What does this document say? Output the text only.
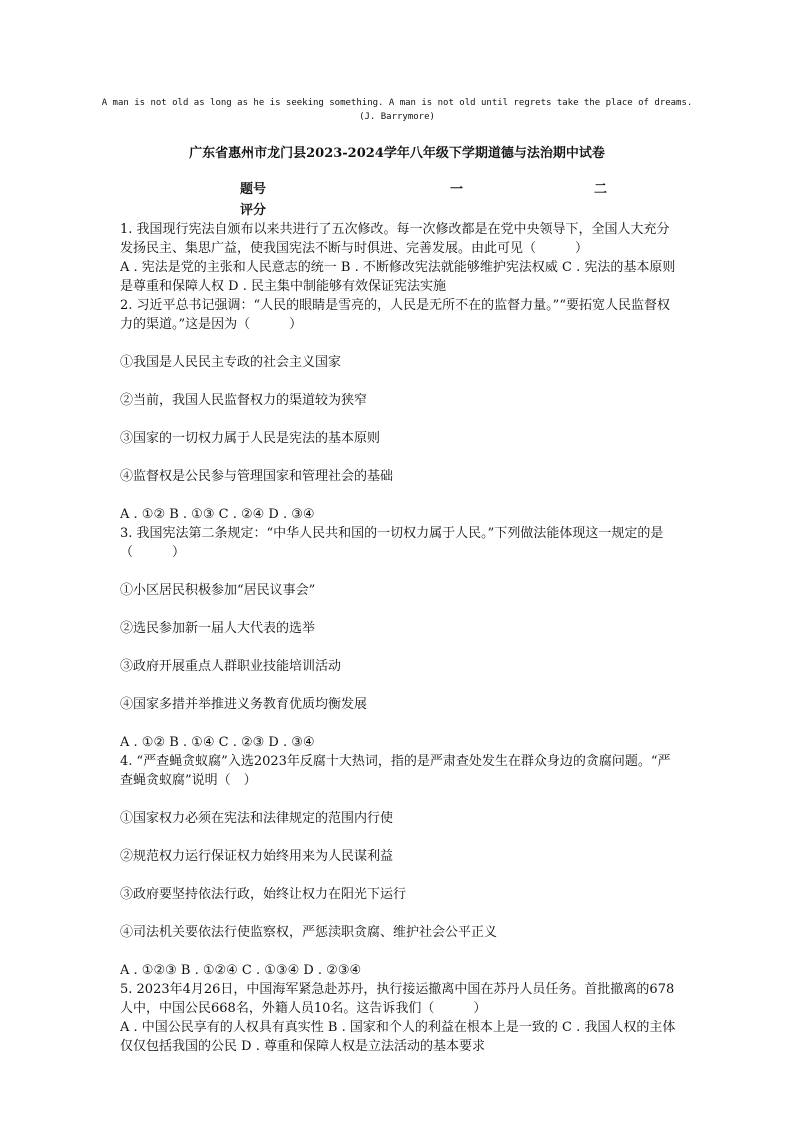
A man is not old as long as he is seeking something. A man is not old until regrets take the place of dreams.
(J. Barrymore)
广东省惠州市龙门县2023-2024学年八年级下学期道德与法治期中试卷
题号	一	二
评分

1. 我国现行宪法自颁布以来共进行了五次修改。每一次修改都是在党中央领导下，全国人大充分发扬民主、集思广益，使我国宪法不断与时俱进、完善发展。由此可见（　　　）

A . 宪法是党的主张和人民意志的统一 B . 不断修改宪法就能够维护宪法权威 C . 宪法的基本原则是尊重和保障人权 D . 民主集中制能够有效保证宪法实施

2. 习近平总书记强调：“人民的眼睛是雪亮的，人民是无所不在的监督力量。”“要拓宽人民监督权力的渠道。”这是因为（　　　）

①我国是人民民主专政的社会主义国家

②当前，我国人民监督权力的渠道较为狭窄

③国家的一切权力属于人民是宪法的基本原则

④监督权是公民参与管理国家和管理社会的基础

A . ①② B . ①③ C . ②④ D . ③④

3. 我国宪法第二条规定：“中华人民共和国的一切权力属于人民。”下列做法能体现这一规定的是（　　　）

①小区居民积极参加“居民议事会”

②选民参加新一届人大代表的选举

③政府开展重点人群职业技能培训活动

④国家多措并举推进义务教育优质均衡发展

A . ①② B . ①④ C . ②③ D . ③④

4. “严查蝇贪蚁腐”入选2023年反腐十大热词，指的是严肃查处发生在群众身边的贪腐问题。“严查蝇贪蚁腐”说明（　）

①国家权力必须在宪法和法律规定的范围内行使

②规范权力运行保证权力始终用来为人民谋利益

③政府要坚持依法行政，始终让权力在阳光下运行

④司法机关要依法行使监察权，严惩渎职贪腐、维护社会公平正义

A . ①②③ B . ①②④ C . ①③④ D . ②③④

5. 2023年4月26日，中国海军紧急赴苏丹，执行接运撤离中国在苏丹人员任务。首批撤离的678人中，中国公民668名，外籍人员10名。这告诉我们（　　　）

A . 中国公民享有的人权具有真实性 B . 国家和个人的利益在根本上是一致的 C . 我国人权的主体仅仅包括我国的公民 D . 尊重和保障人权是立法活动的基本要求
